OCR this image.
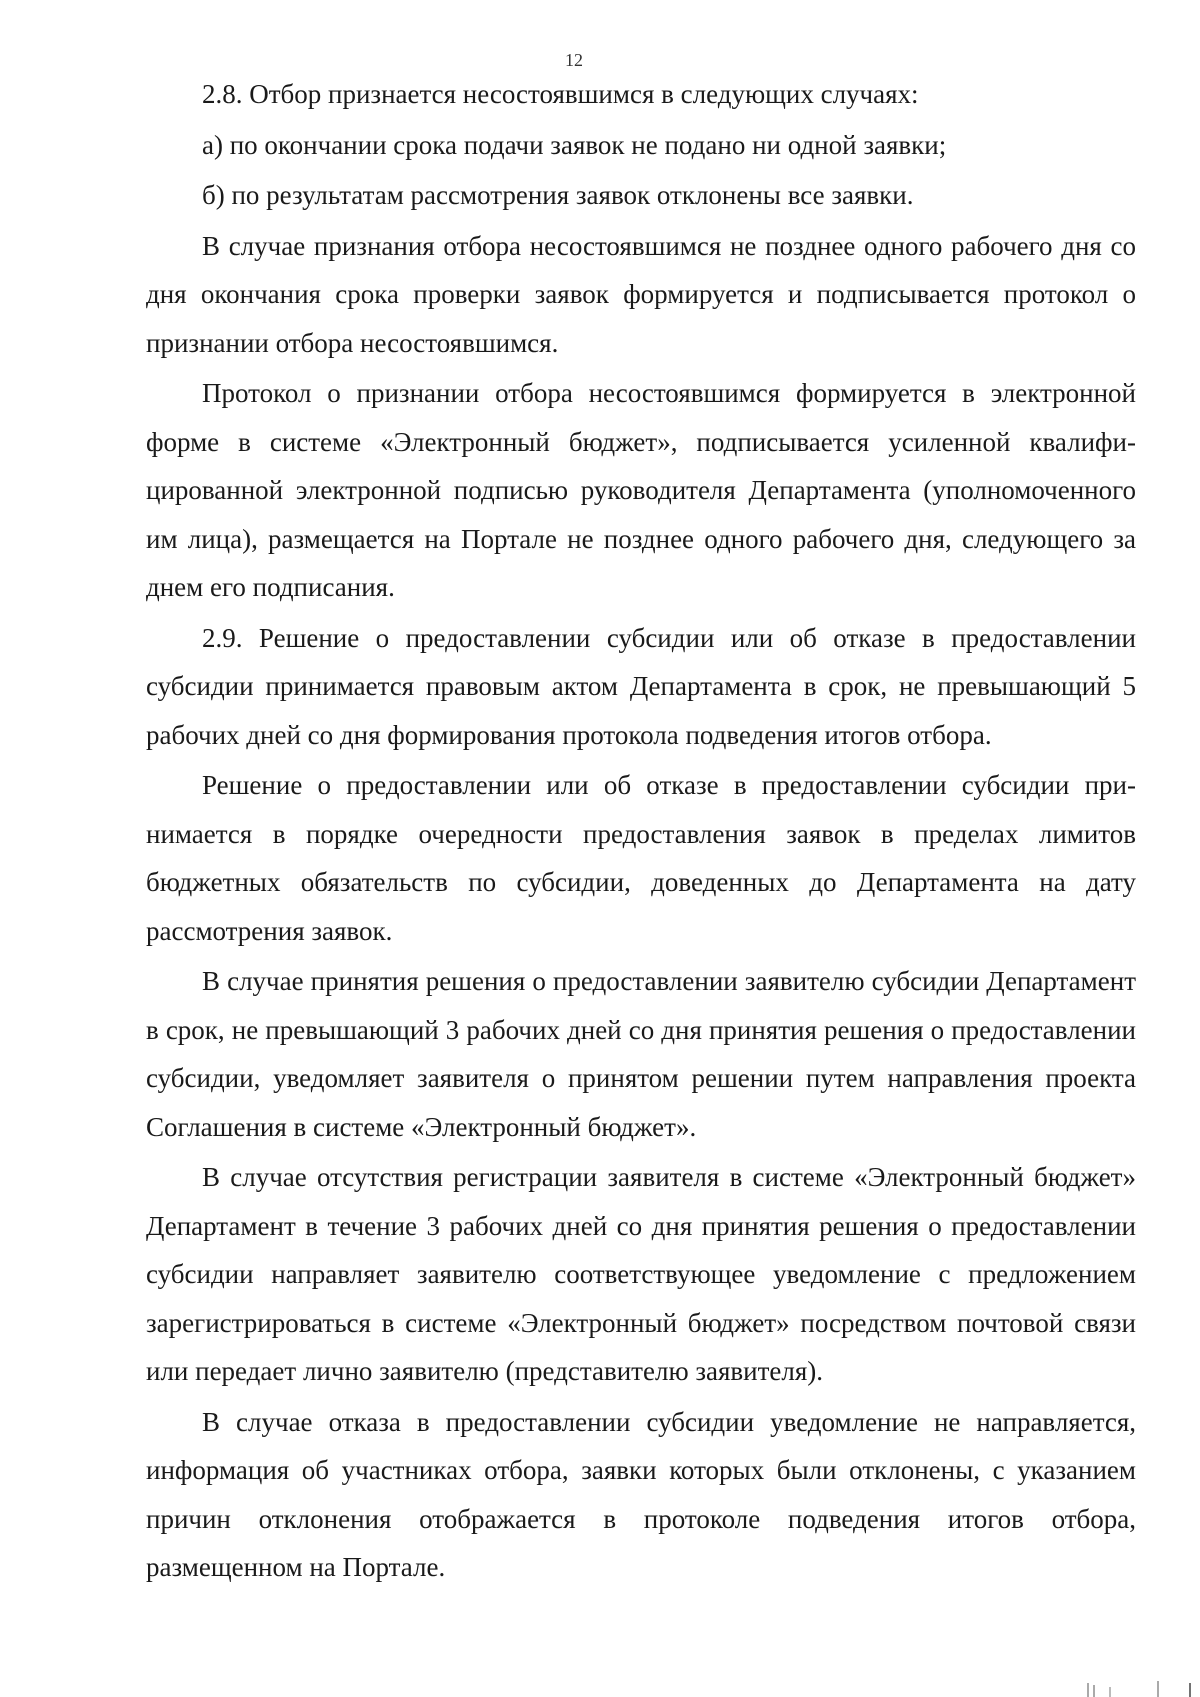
12

2.8. Отбор признается несостоявшимся в следующих случаях:

а) по окончании срока подачи заявок не подано ни одной заявки;

б) по результатам рассмотрения заявок отклонены все заявки.

В случае признания отбора несостоявшимся не позднее одного рабочего дня со дня окончания срока проверки заявок формируется и подписывается протокол о признании отбора несостоявшимся.

Протокол о признании отбора несостоявшимся формируется в электронной форме в системе «Электронный бюджет», подписывается усиленной квалифицированной электронной подписью руководителя Департамента (уполномоченного им лица), размещается на Портале не позднее одного рабочего дня, следующего за днем его подписания.

2.9. Решение о предоставлении субсидии или об отказе в предоставлении субсидии принимается правовым актом Департамента в срок, не превышающий 5 рабочих дней со дня формирования протокола подведения итогов отбора.

Решение о предоставлении или об отказе в предоставлении субсидии принимается в порядке очередности предоставления заявок в пределах лимитов бюджетных обязательств по субсидии, доведенных до Департамента на дату рассмотрения заявок.

В случае принятия решения о предоставлении заявителю субсидии Департамент в срок, не превышающий 3 рабочих дней со дня принятия решения о предоставлении субсидии, уведомляет заявителя о принятом решении путем направления проекта Соглашения в системе «Электронный бюджет».

В случае отсутствия регистрации заявителя в системе «Электронный бюджет» Департамент в течение 3 рабочих дней со дня принятия решения о предоставлении субсидии направляет заявителю соответствующее уведомление с предложением зарегистрироваться в системе «Электронный бюджет» посредством почтовой связи или передает лично заявителю (представителю заявителя).

В случае отказа в предоставлении субсидии уведомление не направляется, информация об участниках отбора, заявки которых были отклонены, с указанием причин отклонения отображается в протоколе подведения итогов отбора, размещенном на Портале.
